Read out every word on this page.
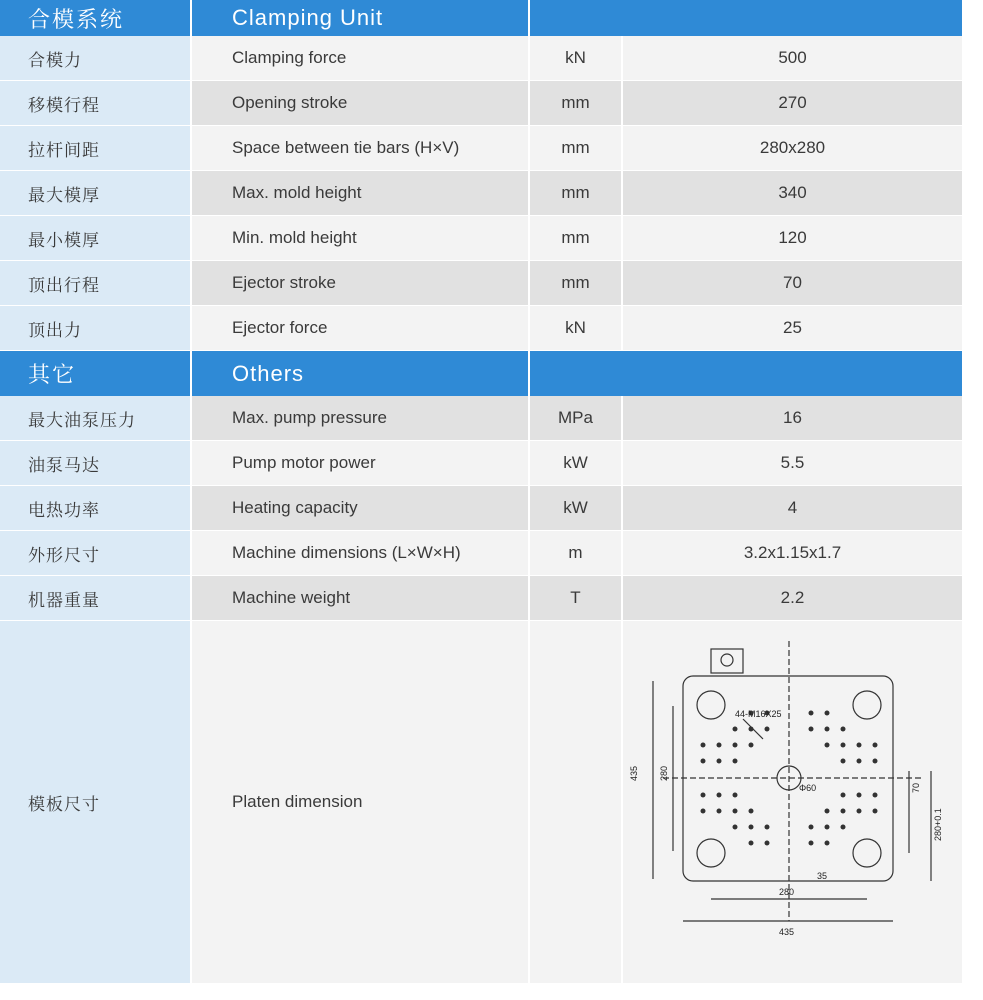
合模系统	Clamping Unit
合模力	Clamping force	kN	500
移模行程	Opening stroke	mm	270
拉杆间距	Space between tie bars (H×V)	mm	280x280
最大模厚	Max. mold height	mm	340
最小模厚	Min. mold height	mm	120
顶出行程	Ejector stroke	mm	70
顶出力	Ejector force	kN	25
其它	Others
最大油泵压力	Max. pump pressure	MPa	16
油泵马达	Pump motor power	kW	5.5
电热功率	Heating capacity	kW	4
外形尺寸	Machine dimensions (L×W×H)	m	3.2x1.15x1.7
机器重量	Machine weight	T	2.2
模板尺寸	Platen dimension
44-M16X25
Φ60
435 280
280
435
35
70
280+0.1
